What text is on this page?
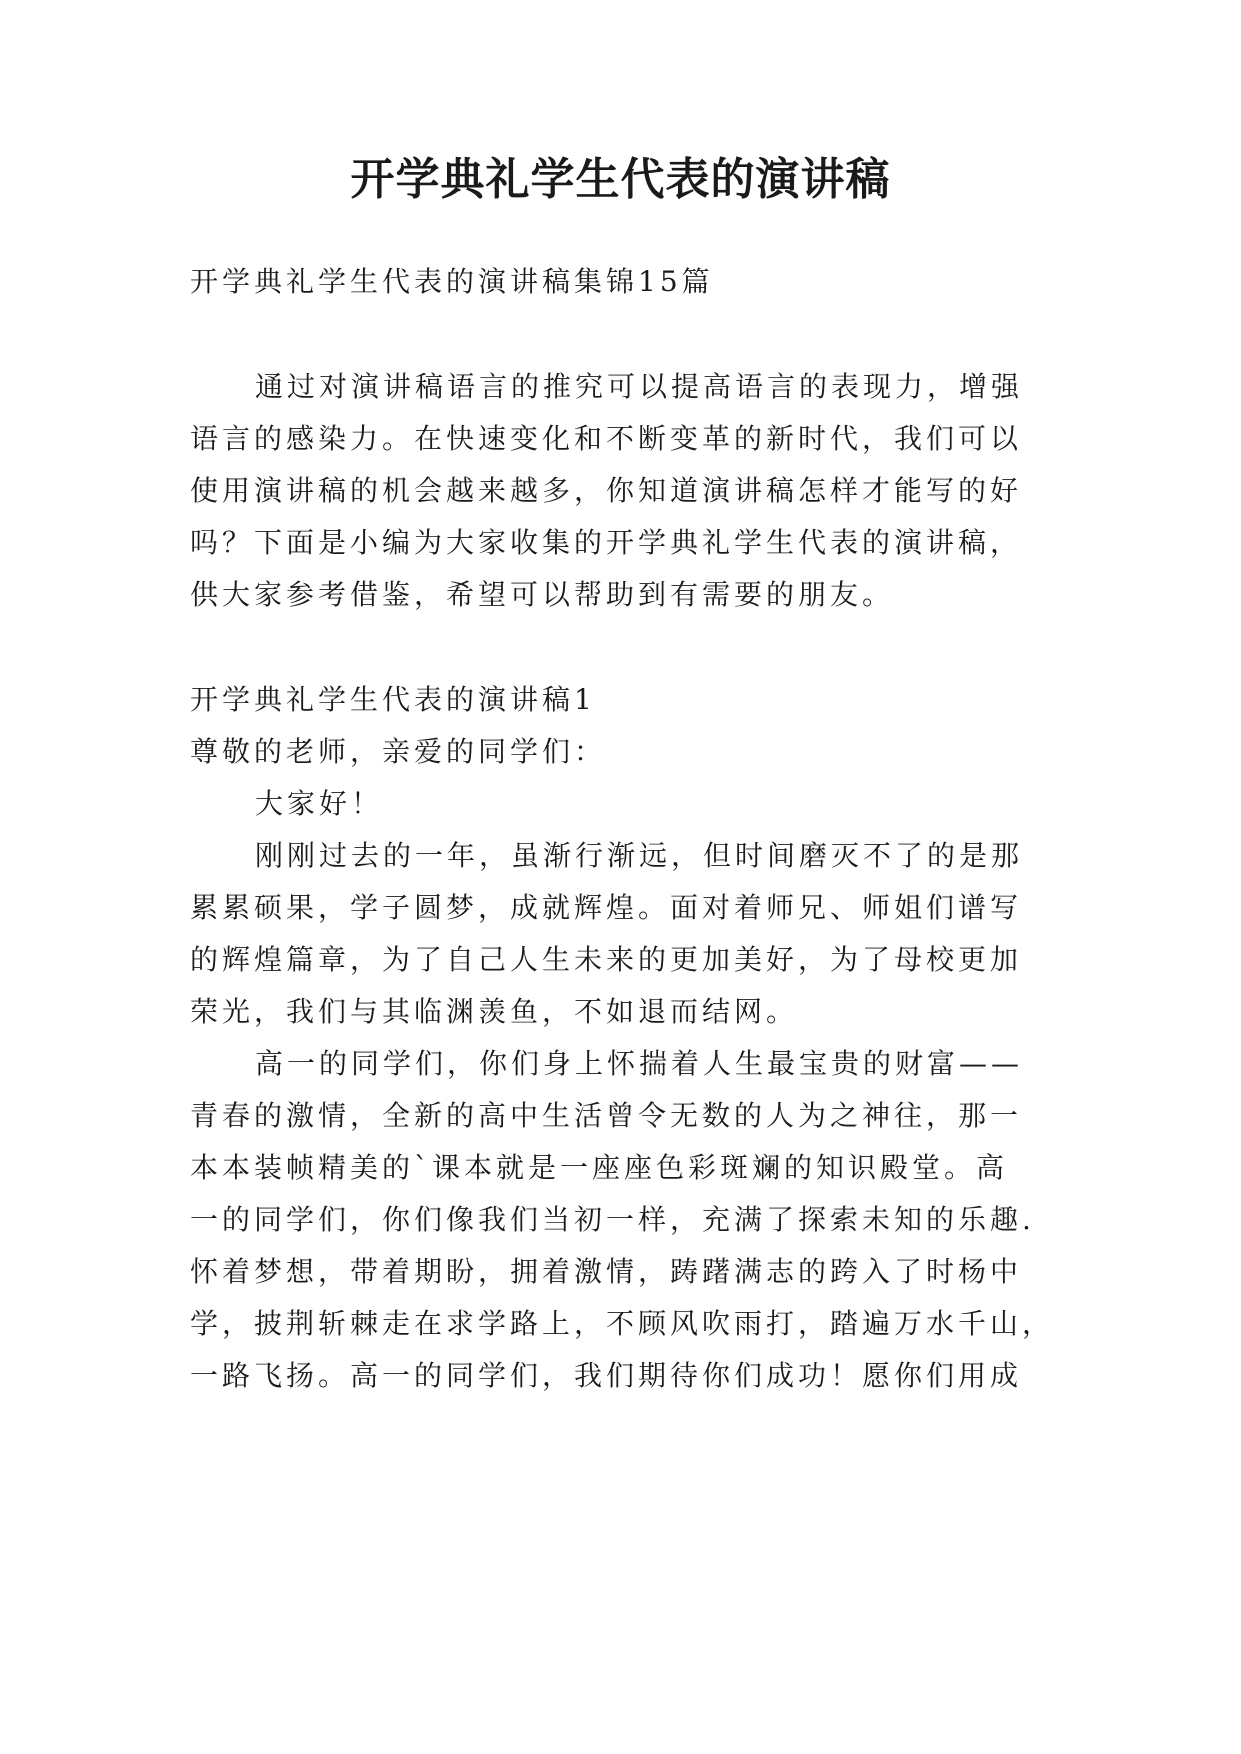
开学典礼学生代表的演讲稿
开学典礼学生代表的演讲稿集锦15篇
通过对演讲稿语言的推究可以提高语言的表现力，增强
语言的感染力。在快速变化和不断变革的新时代，我们可以
使用演讲稿的机会越来越多，你知道演讲稿怎样才能写的好
吗？下面是小编为大家收集的开学典礼学生代表的演讲稿，
供大家参考借鉴，希望可以帮助到有需要的朋友。
开学典礼学生代表的演讲稿1
尊敬的老师，亲爱的同学们：
大家好！
刚刚过去的一年，虽渐行渐远，但时间磨灭不了的是那
累累硕果，学子圆梦，成就辉煌。面对着师兄、师姐们谱写
的辉煌篇章，为了自己人生未来的更加美好，为了母校更加
荣光，我们与其临渊羡鱼，不如退而结网。
高一的同学们，你们身上怀揣着人生最宝贵的财富——
青春的激情，全新的高中生活曾令无数的人为之神往，那一
本本装帧精美的`课本就是一座座色彩斑斓的知识殿堂。高
一的同学们，你们像我们当初一样，充满了探索未知的乐趣.
怀着梦想，带着期盼，拥着激情，踌躇满志的跨入了时杨中
学，披荆斩棘走在求学路上，不顾风吹雨打，踏遍万水千山，
一路飞扬。高一的同学们，我们期待你们成功！愿你们用成
